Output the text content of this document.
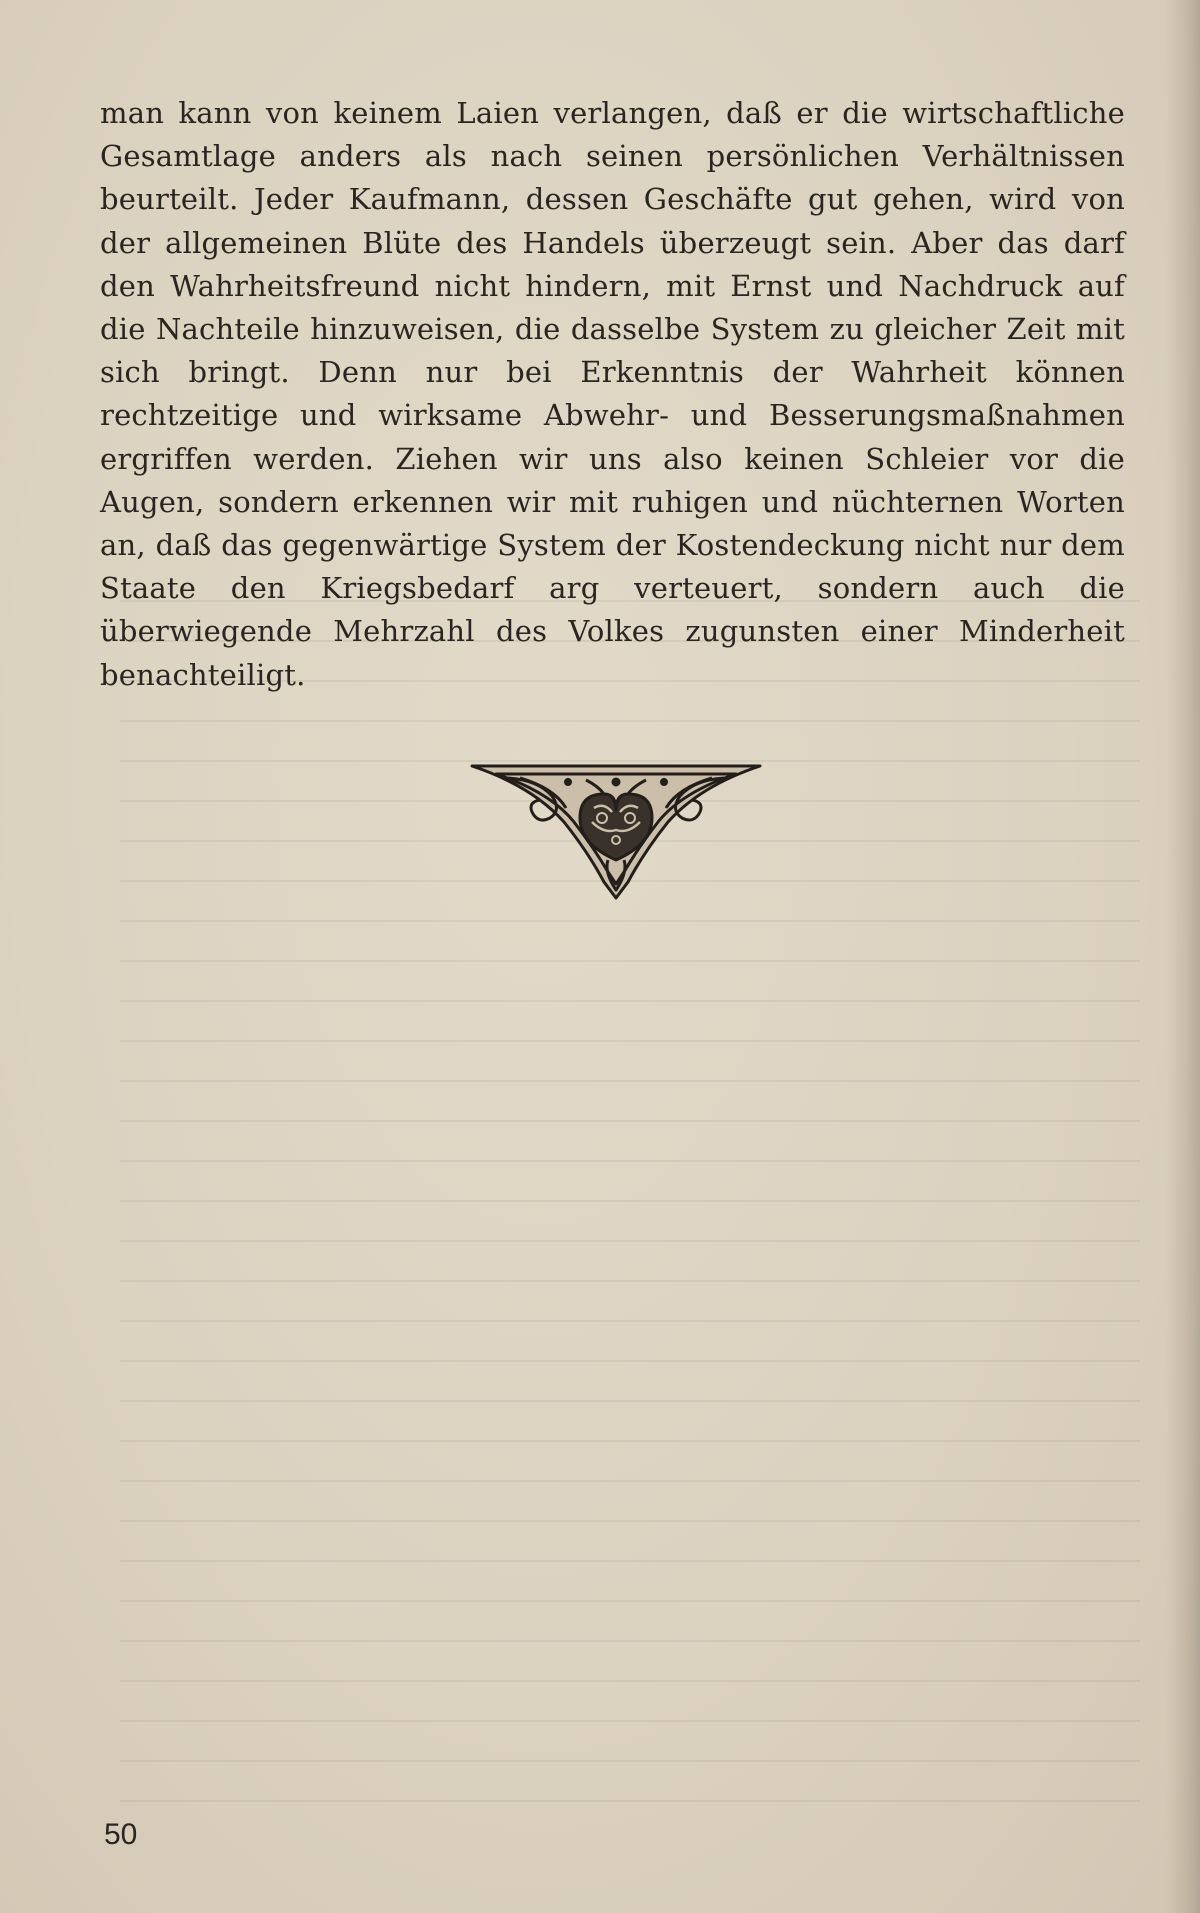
man kann von keinem Laien verlangen, daß er die wirtschaftliche Gesamtlage anders als nach seinen persönlichen Verhältnissen beurteilt. Jeder Kaufmann, dessen Geschäfte gut gehen, wird von der allgemeinen Blüte des Handels überzeugt sein. Aber das darf den Wahrheitsfreund nicht hindern, mit Ernst und Nachdruck auf die Nachteile hinzuweisen, die dasselbe System zu gleicher Zeit mit sich bringt. Denn nur bei Erkenntnis der Wahrheit können rechtzeitige und wirksame Abwehr- und Besserungsmaßnahmen ergriffen werden. Ziehen wir uns also keinen Schleier vor die Augen, sondern erkennen wir mit ruhigen und nüchternen Worten an, daß das gegenwärtige System der Kostendeckung nicht nur dem Staate den Kriegsbedarf arg verteuert, sondern auch die überwiegende Mehrzahl des Volkes zugunsten einer Minderheit benachteiligt.

50
